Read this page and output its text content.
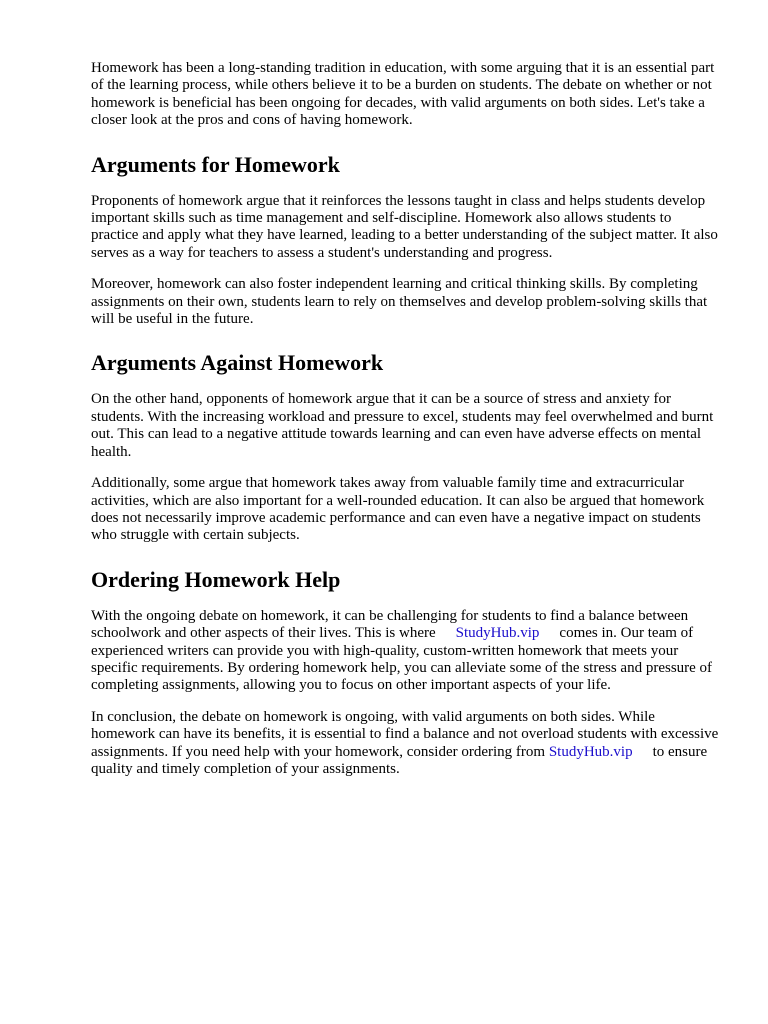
Homework has been a long-standing tradition in education, with some arguing that it is an essential part of the learning process, while others believe it to be a burden on students. The debate on whether or not homework is beneficial has been ongoing for decades, with valid arguments on both sides. Let's take a closer look at the pros and cons of having homework.

Arguments for Homework

Proponents of homework argue that it reinforces the lessons taught in class and helps students develop important skills such as time management and self-discipline. Homework also allows students to practice and apply what they have learned, leading to a better understanding of the subject matter. It also serves as a way for teachers to assess a student's understanding and progress.

Moreover, homework can also foster independent learning and critical thinking skills. By completing assignments on their own, students learn to rely on themselves and develop problem-solving skills that will be useful in the future.

Arguments Against Homework

On the other hand, opponents of homework argue that it can be a source of stress and anxiety for students. With the increasing workload and pressure to excel, students may feel overwhelmed and burnt out. This can lead to a negative attitude towards learning and can even have adverse effects on mental health.

Additionally, some argue that homework takes away from valuable family time and extracurricular activities, which are also important for a well-rounded education. It can also be argued that homework does not necessarily improve academic performance and can even have a negative impact on students who struggle with certain subjects.

Ordering Homework Help

With the ongoing debate on homework, it can be challenging for students to find a balance between schoolwork and other aspects of their lives. This is where StudyHub.vip comes in. Our team of experienced writers can provide you with high-quality, custom-written homework that meets your specific requirements. By ordering homework help, you can alleviate some of the stress and pressure of completing assignments, allowing you to focus on other important aspects of your life.

In conclusion, the debate on homework is ongoing, with valid arguments on both sides. While homework can have its benefits, it is essential to find a balance and not overload students with excessive assignments. If you need help with your homework, consider ordering from StudyHub.vip to ensure quality and timely completion of your assignments.
